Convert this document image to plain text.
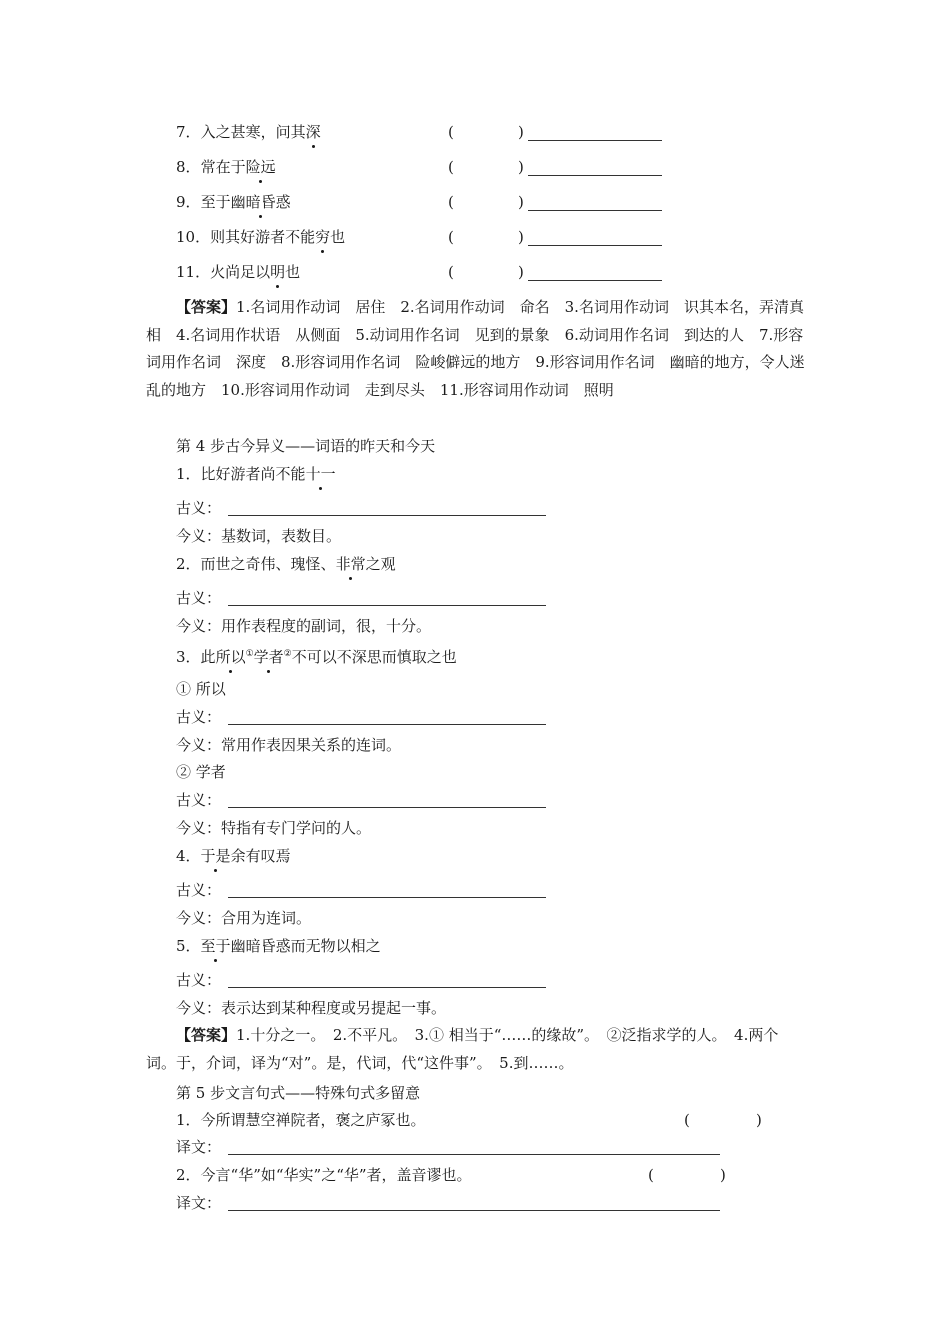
7．入之甚寒，问其深	(	)
8．常在于险远	(	)
9．至于幽暗昏惑	(	)
10．则其好游者不能穷也	(	)
11．火尚足以明也	(	)
【答案】1.名词用作动词　居住　2.名词用作动词　命名　3.名词用作动词　识其本名，弄清真相　4.名词用作状语　从侧面　5.动词用作名词　见到的景象　6.动词用作名词　到达的人　7.形容词用作名词　深度　8.形容词用作名词　险峻僻远的地方　9.形容词用作名词　幽暗的地方，令人迷乱的地方　10.形容词用作动词　走到尽头　11.形容词用作动词　照明
第 4 步古今异义——词语的昨天和今天
1．比好游者尚不能十一
古义：
今义：基数词，表数目。
2．而世之奇伟、瑰怪、非常之观
古义：
今义：用作表程度的副词，很，十分。
3．此所以①学者②不可以不深思而慎取之也
① 所以
古义：
今义：常用作表因果关系的连词。
② 学者
古义：
今义：特指有专门学问的人。
4．于是余有叹焉
古义：
今义：合用为连词。
5．至于幽暗昏惑而无物以相之
古义：
今义：表示达到某种程度或另提起一事。
【答案】1.十分之一。　2.不平凡。　3.① 相当于“……的缘故”。　②泛指求学的人。　4.两个词。于，介词，译为“对”。是，代词，代“这件事”。　5.到……。
第 5 步文言句式——特殊句式多留意
1．今所谓慧空禅院者，褒之庐冢也。	(	)
译文：
2．今言“华”如“华实”之“华”者，盖音谬也。	(	)
译文：
